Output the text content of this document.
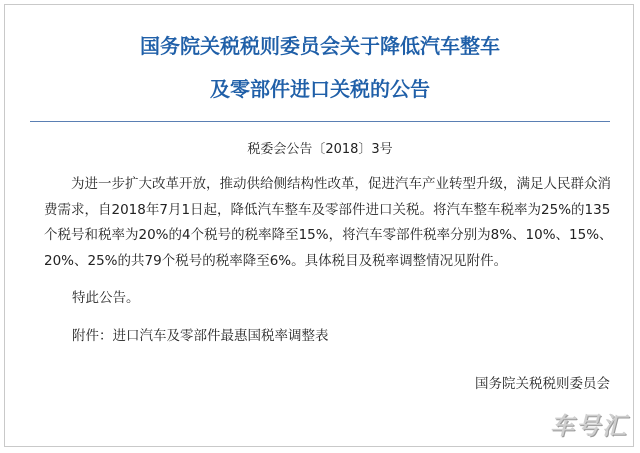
国务院关税税则委员会关于降低汽车整车
及零部件进口关税的公告
税委会公告〔2018〕3号
为进一步扩大改革开放，推动供给侧结构性改革，促进汽车产业转型升级，满足人民群众消费需求，自2018年7月1日起，降低汽车整车及零部件进口关税。将汽车整车税率为25%的135个税号和税率为20%的4个税号的税率降至15%，将汽车零部件税率分别为8%、10%、15%、20%、25%的共79个税号的税率降至6%。具体税目及税率调整情况见附件。
特此公告。
附件：进口汽车及零部件最惠国税率调整表
国务院关税税则委员会
车号汇
